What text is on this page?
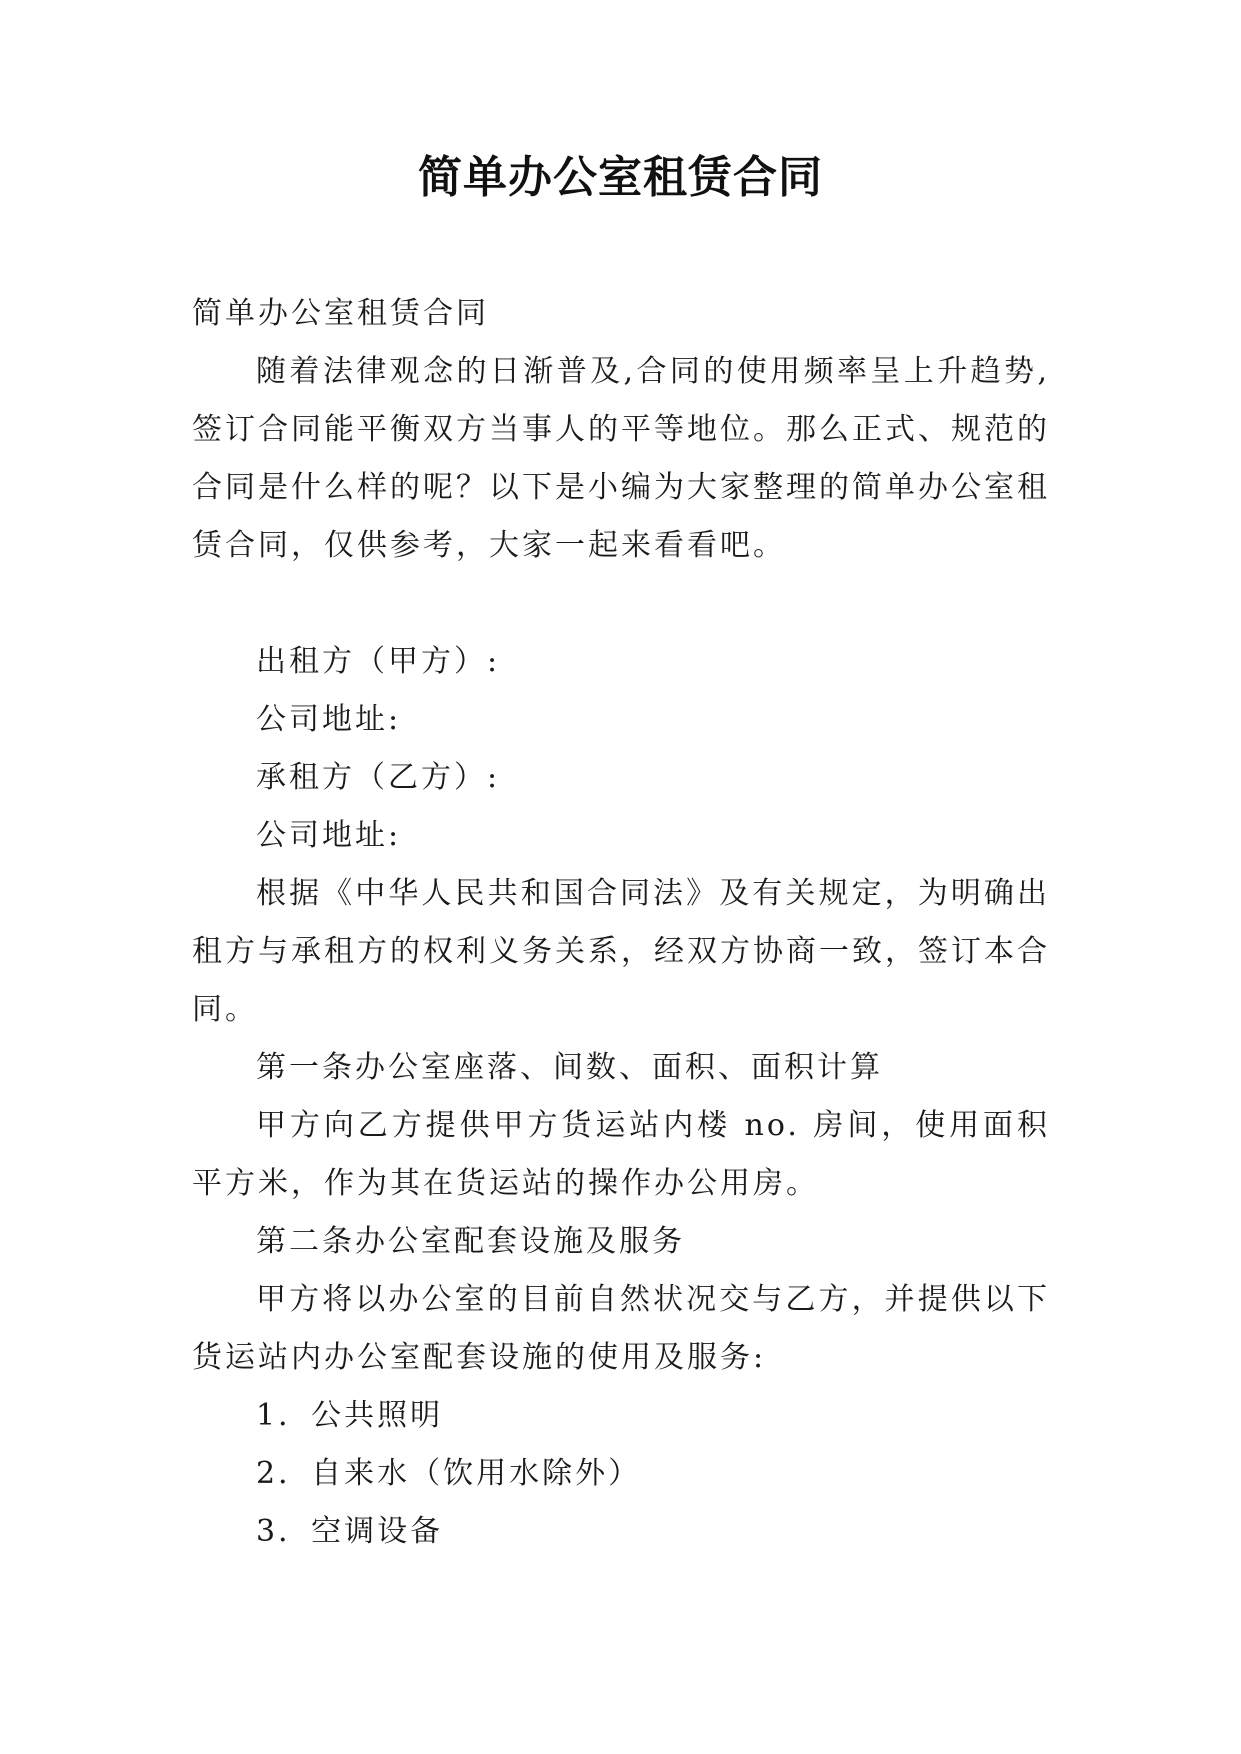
简单办公室租赁合同

简单办公室租赁合同

随着法律观念的日渐普及,合同的使用频率呈上升趋势,签订合同能平衡双方当事人的平等地位。那么正式、规范的合同是什么样的呢？以下是小编为大家整理的简单办公室租赁合同，仅供参考，大家一起来看看吧。

出租方（甲方）:

公司地址:

承租方（乙方）:

公司地址:

根据《中华人民共和国合同法》及有关规定，为明确出租方与承租方的权利义务关系，经双方协商一致，签订本合同。

第一条办公室座落、间数、面积、面积计算

甲方向乙方提供甲方货运站内楼 no. 房间，使用面积平方米，作为其在货运站的操作办公用房。

第二条办公室配套设施及服务

甲方将以办公室的目前自然状况交与乙方，并提供以下货运站内办公室配套设施的使用及服务:

1．公共照明

2．自来水（饮用水除外）

3．空调设备
